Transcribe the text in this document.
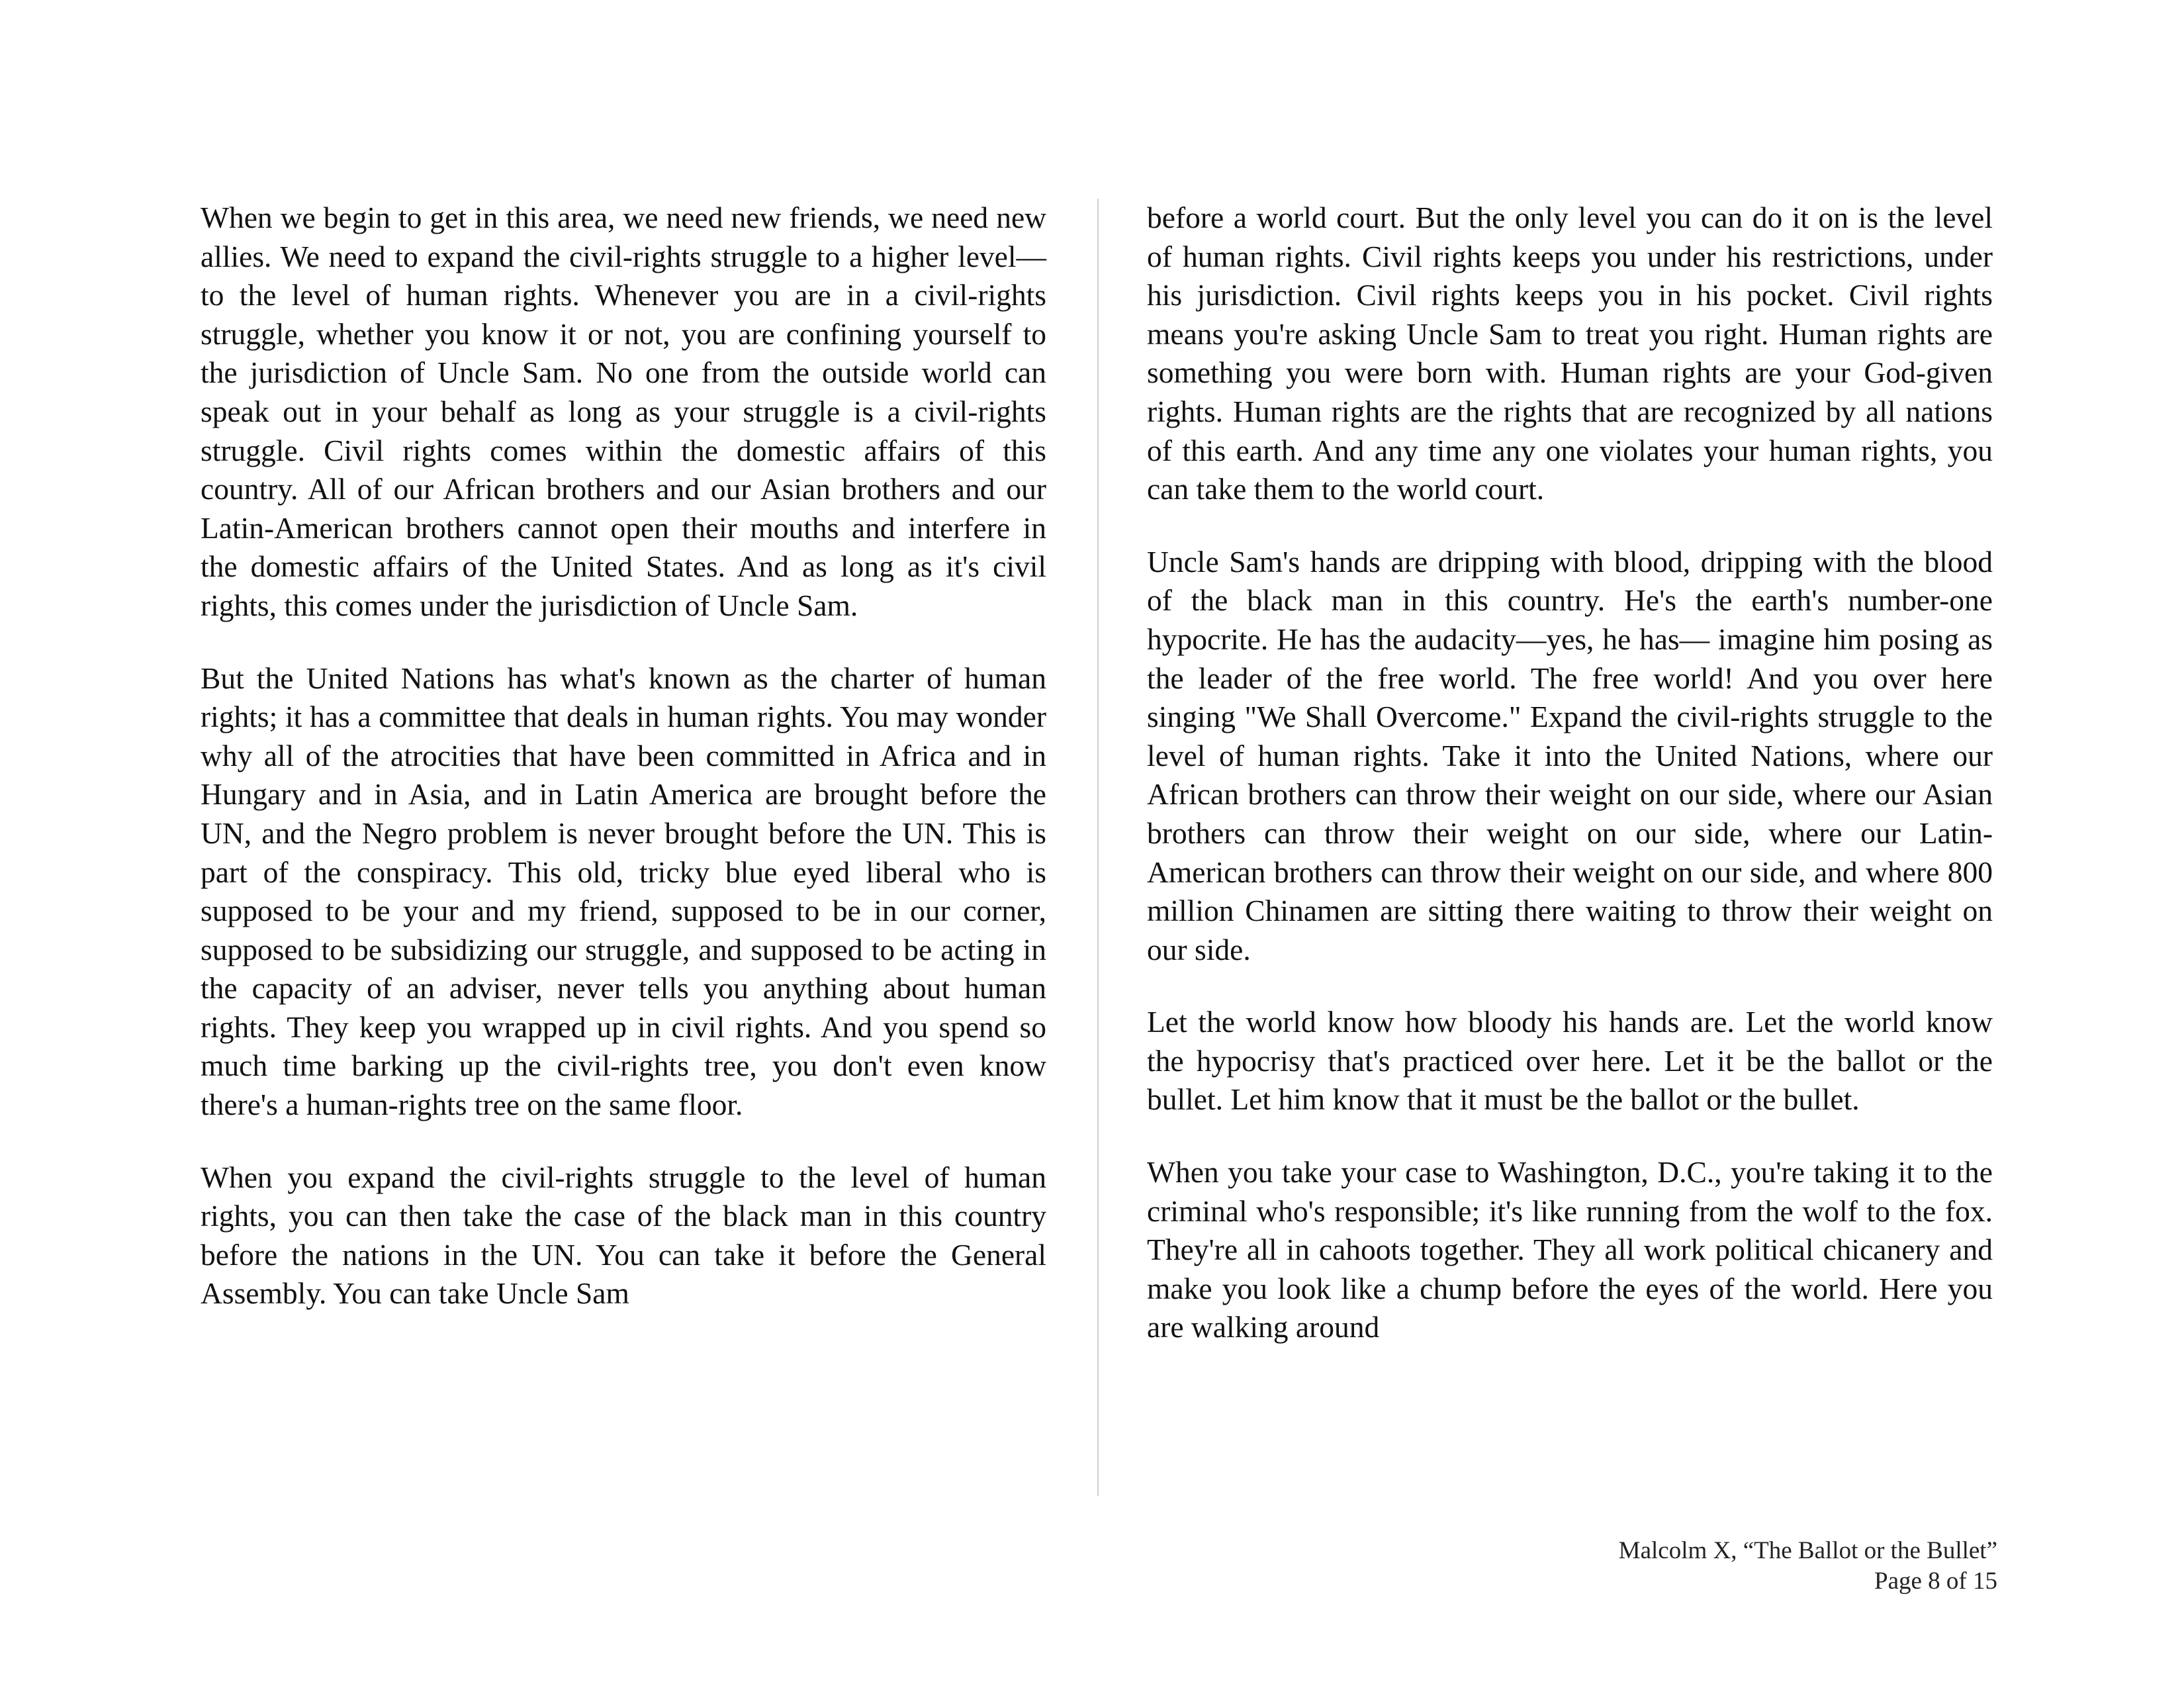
When we begin to get in this area, we need new friends, we need new allies. We need to expand the civil-rights struggle to a higher level—to the level of human rights. Whenever you are in a civil-rights struggle, whether you know it or not, you are confining yourself to the jurisdiction of Uncle Sam. No one from the outside world can speak out in your behalf as long as your struggle is a civil-rights struggle. Civil rights comes within the domestic affairs of this country. All of our African brothers and our Asian brothers and our Latin-American brothers cannot open their mouths and interfere in the domestic affairs of the United States. And as long as it's civil rights, this comes under the jurisdiction of Uncle Sam.

But the United Nations has what's known as the charter of human rights; it has a committee that deals in human rights. You may wonder why all of the atrocities that have been committed in Africa and in Hungary and in Asia, and in Latin America are brought before the UN, and the Negro problem is never brought before the UN. This is part of the conspiracy. This old, tricky blue eyed liberal who is supposed to be your and my friend, supposed to be in our corner, supposed to be subsidizing our struggle, and supposed to be acting in the capacity of an adviser, never tells you anything about human rights. They keep you wrapped up in civil rights. And you spend so much time barking up the civil-rights tree, you don't even know there's a human-rights tree on the same floor.

When you expand the civil-rights struggle to the level of human rights, you can then take the case of the black man in this country before the nations in the UN. You can take it before the General Assembly. You can take Uncle Sam

before a world court. But the only level you can do it on is the level of human rights. Civil rights keeps you under his restrictions, under his jurisdiction. Civil rights keeps you in his pocket. Civil rights means you're asking Uncle Sam to treat you right. Human rights are something you were born with. Human rights are your God-given rights. Human rights are the rights that are recognized by all nations of this earth. And any time any one violates your human rights, you can take them to the world court.

Uncle Sam's hands are dripping with blood, dripping with the blood of the black man in this country. He's the earth's number-one hypocrite. He has the audacity—yes, he has— imagine him posing as the leader of the free world. The free world! And you over here singing "We Shall Overcome." Expand the civil-rights struggle to the level of human rights. Take it into the United Nations, where our African brothers can throw their weight on our side, where our Asian brothers can throw their weight on our side, where our Latin-American brothers can throw their weight on our side, and where 800 million Chinamen are sitting there waiting to throw their weight on our side.

Let the world know how bloody his hands are. Let the world know the hypocrisy that's practiced over here. Let it be the ballot or the bullet. Let him know that it must be the ballot or the bullet.

When you take your case to Washington, D.C., you're taking it to the criminal who's responsible; it's like running from the wolf to the fox. They're all in cahoots together. They all work political chicanery and make you look like a chump before the eyes of the world. Here you are walking around

Malcolm X, “The Ballot or the Bullet”
Page 8 of 15
